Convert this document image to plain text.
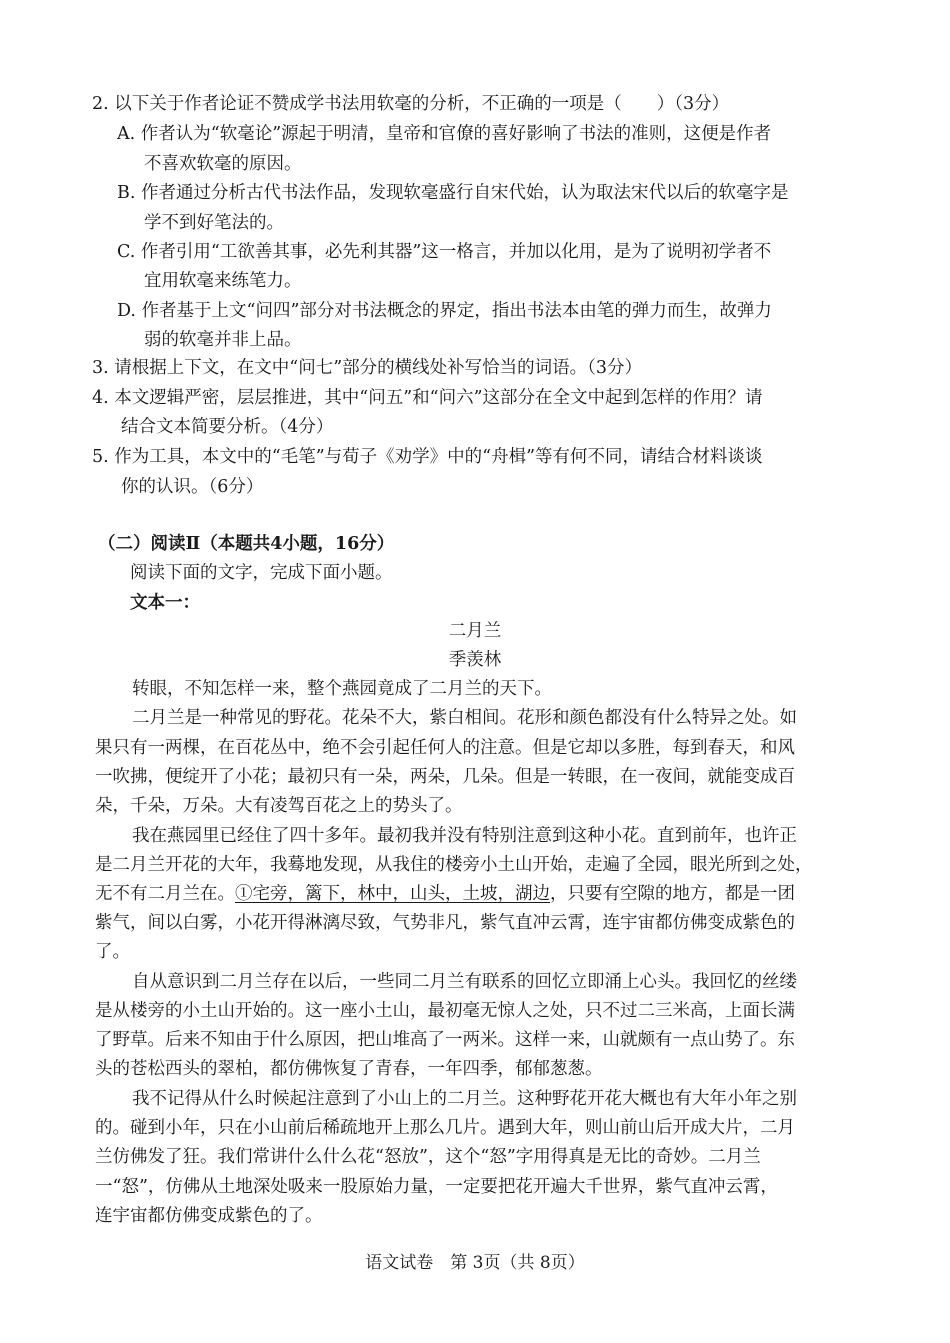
2. 以下关于作者论证不赞成学书法用软毫的分析，不正确的一项是（　　）（3分）
A. 作者认为“软毫论”源起于明清，皇帝和官僚的喜好影响了书法的准则，这便是作者
不喜欢软毫的原因。
B. 作者通过分析古代书法作品，发现软毫盛行自宋代始，认为取法宋代以后的软毫字是
学不到好笔法的。
C. 作者引用“工欲善其事，必先利其器”这一格言，并加以化用，是为了说明初学者不
宜用软毫来练笔力。
D. 作者基于上文“问四”部分对书法概念的界定，指出书法本由笔的弹力而生，故弹力
弱的软毫并非上品。
3. 请根据上下文，在文中“问七”部分的横线处补写恰当的词语。（3分）
4. 本文逻辑严密，层层推进，其中“问五”和“问六”这部分在全文中起到怎样的作用？请
结合文本简要分析。（4分）
5. 作为工具，本文中的“毛笔”与荀子《劝学》中的“舟楫”等有何不同，请结合材料谈谈
你的认识。（6分）
（二）阅读Ⅱ（本题共4小题，16分）
阅读下面的文字，完成下面小题。
文本一：
二月兰
季羡林
转眼，不知怎样一来，整个燕园竟成了二月兰的天下。
二月兰是一种常见的野花。花朵不大，紫白相间。花形和颜色都没有什么特异之处。如
果只有一两棵，在百花丛中，绝不会引起任何人的注意。但是它却以多胜，每到春天，和风
一吹拂，便绽开了小花；最初只有一朵，两朵，几朵。但是一转眼，在一夜间，就能变成百
朵，千朵，万朵。大有凌驾百花之上的势头了。
我在燕园里已经住了四十多年。最初我并没有特别注意到这种小花。直到前年，也许正
是二月兰开花的大年，我蓦地发现，从我住的楼旁小土山开始，走遍了全园，眼光所到之处，
无不有二月兰在。①宅旁，篱下，林中，山头，土坡，湖边，只要有空隙的地方，都是一团
紫气，间以白雾，小花开得淋漓尽致，气势非凡，紫气直冲云霄，连宇宙都仿佛变成紫色的
了。
自从意识到二月兰存在以后，一些同二月兰有联系的回忆立即涌上心头。我回忆的丝缕
是从楼旁的小土山开始的。这一座小土山，最初毫无惊人之处，只不过二三米高，上面长满
了野草。后来不知由于什么原因，把山堆高了一两米。这样一来，山就颇有一点山势了。东
头的苍松西头的翠柏，都仿佛恢复了青春，一年四季，郁郁葱葱。
我不记得从什么时候起注意到了小山上的二月兰。这种野花开花大概也有大年小年之别
的。碰到小年，只在小山前后稀疏地开上那么几片。遇到大年，则山前山后开成大片，二月
兰仿佛发了狂。我们常讲什么什么花“怒放”，这个“怒”字用得真是无比的奇妙。二月兰
一“怒”，仿佛从土地深处吸来一股原始力量，一定要把花开遍大千世界，紫气直冲云霄，
连宇宙都仿佛变成紫色的了。
语文试卷　第 3页（共 8页）
